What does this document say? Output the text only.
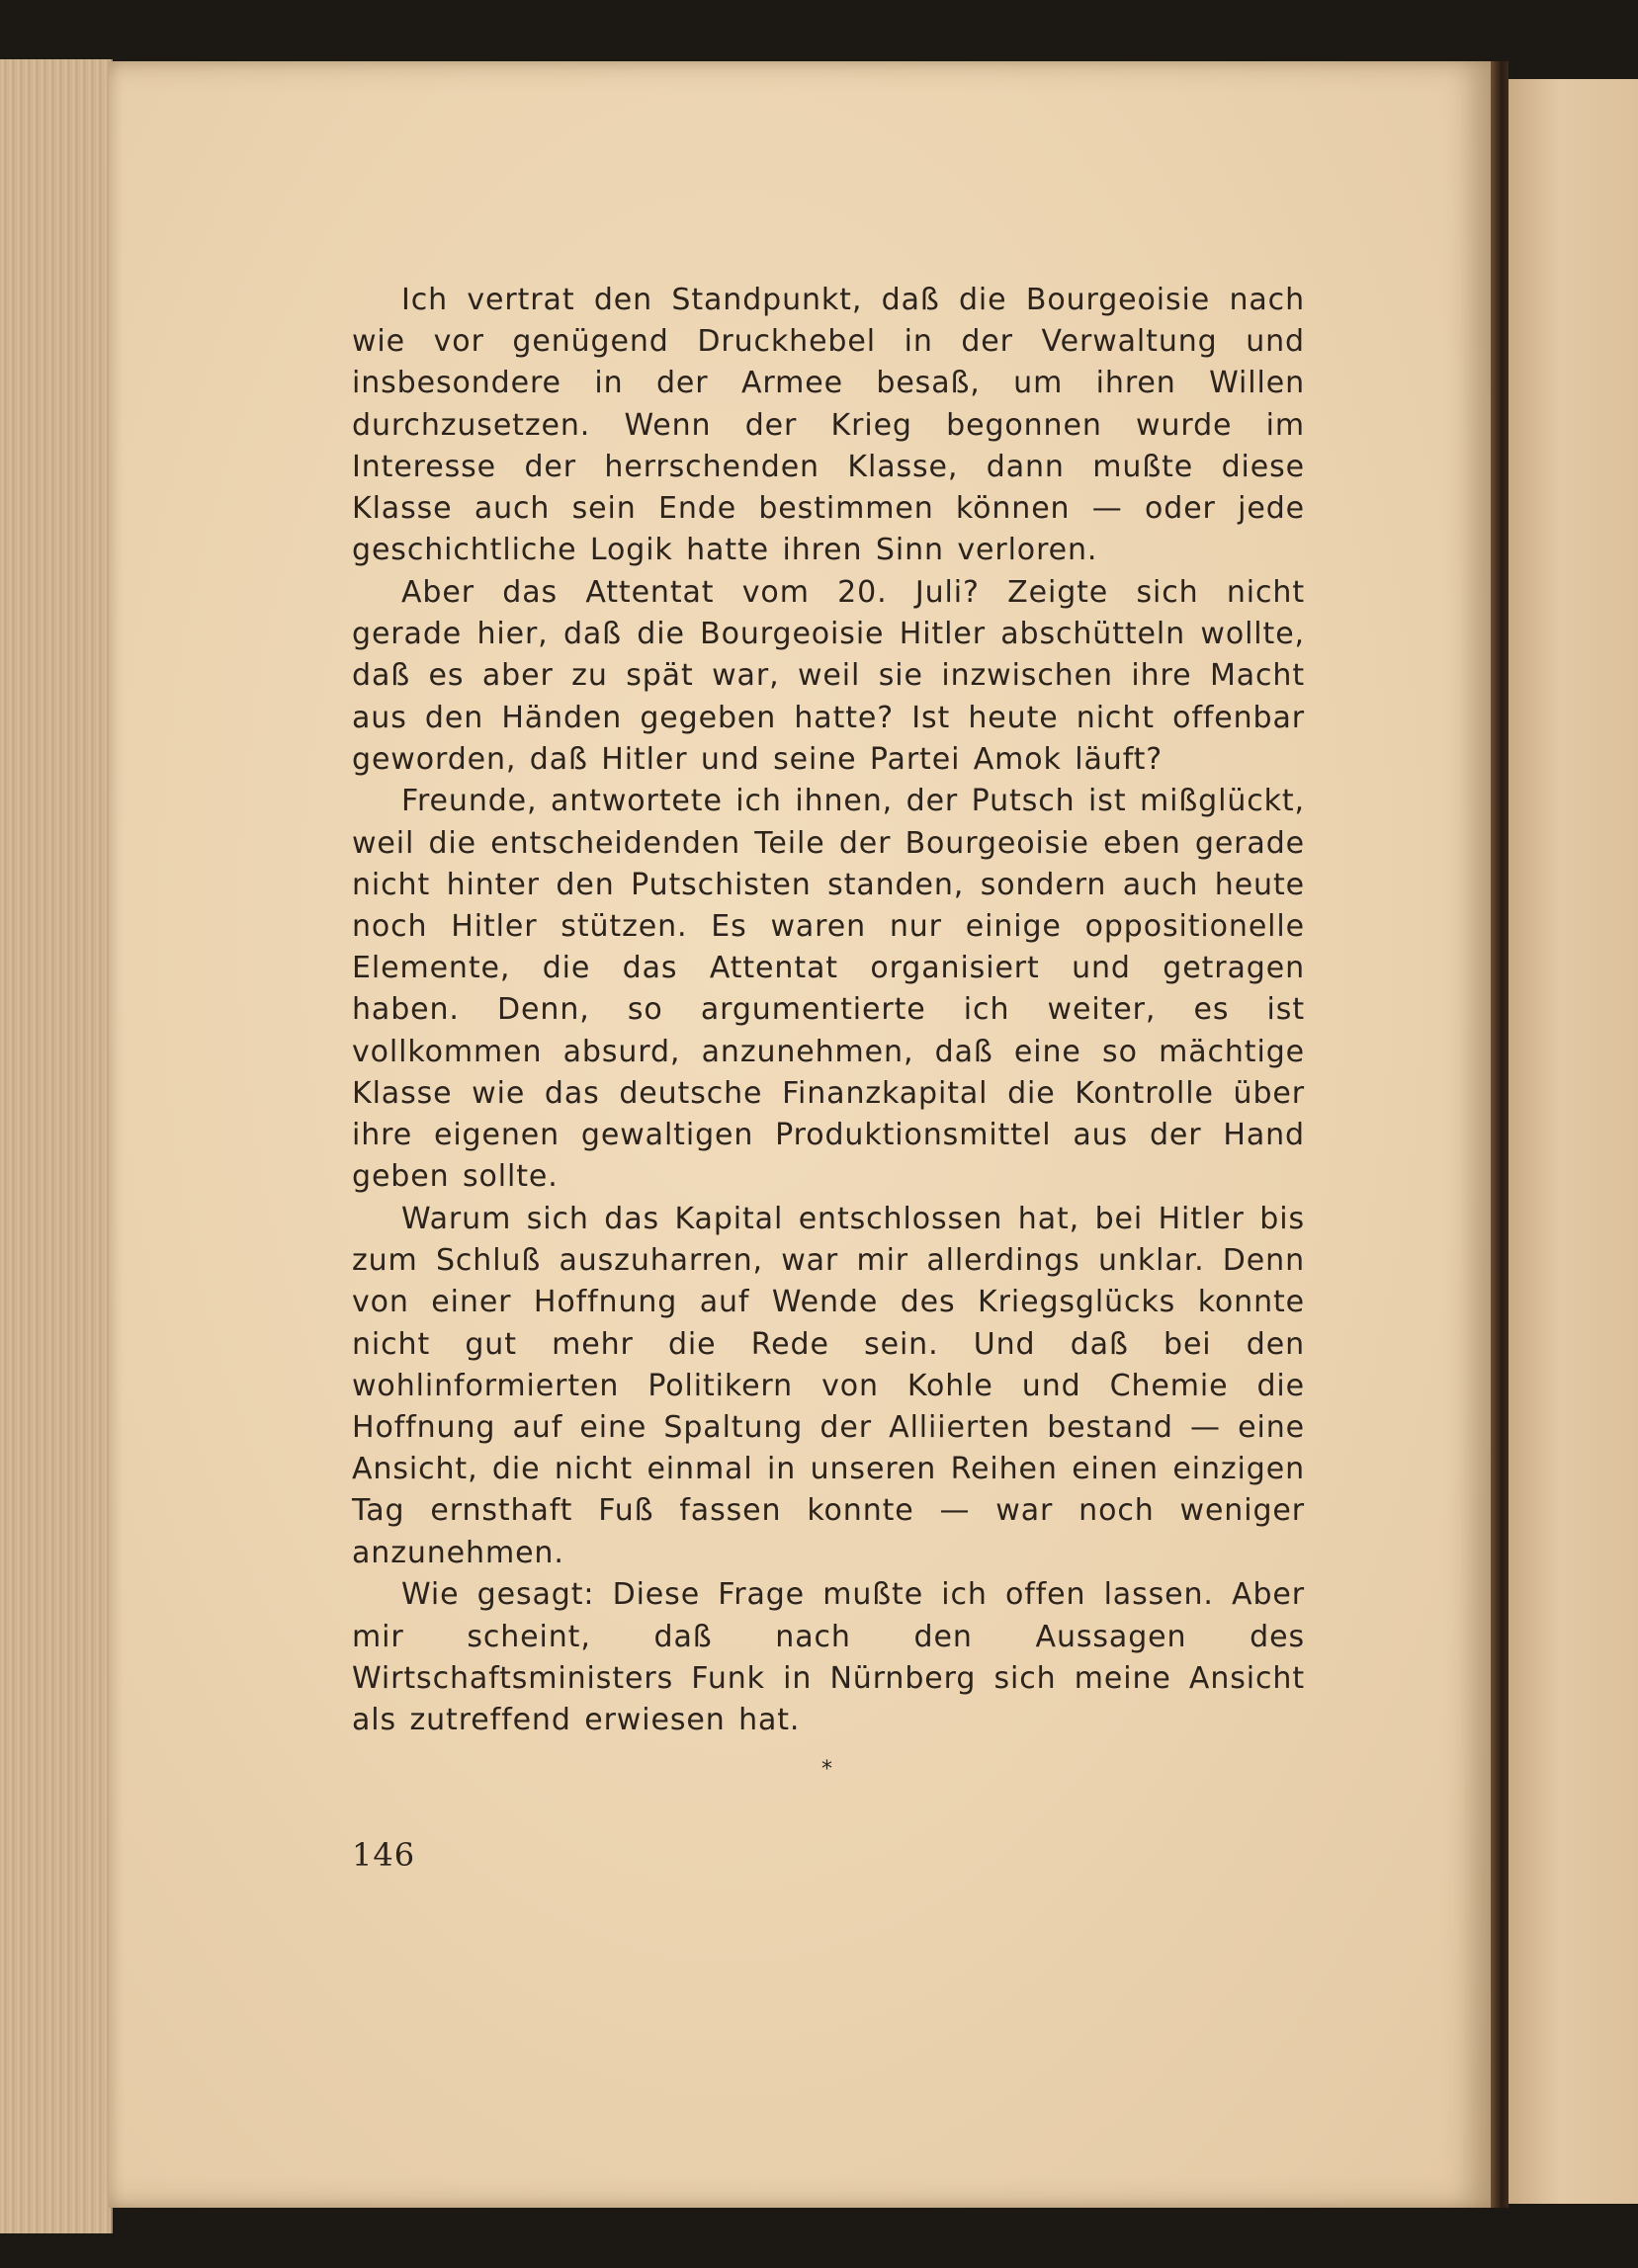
Ich vertrat den Standpunkt, daß die Bourgeoisie nach wie vor genügend Druckhebel in der Verwaltung und insbesondere in der Armee besaß, um ihren Willen durchzusetzen. Wenn der Krieg begonnen wurde im Interesse der herrschenden Klasse, dann mußte diese Klasse auch sein Ende bestimmen können — oder jede geschichtliche Logik hatte ihren Sinn verloren.

Aber das Attentat vom 20. Juli? Zeigte sich nicht gerade hier, daß die Bourgeoisie Hitler abschütteln wollte, daß es aber zu spät war, weil sie inzwischen ihre Macht aus den Händen gegeben hatte? Ist heute nicht offenbar geworden, daß Hitler und seine Partei Amok läuft?

Freunde, antwortete ich ihnen, der Putsch ist mißglückt, weil die entscheidenden Teile der Bourgeoisie eben gerade nicht hinter den Putschisten standen, sondern auch heute noch Hitler stützen. Es waren nur einige oppositionelle Elemente, die das Attentat organisiert und getragen haben. Denn, so argumentierte ich weiter, es ist vollkommen absurd, anzunehmen, daß eine so mächtige Klasse wie das deutsche Finanzkapital die Kontrolle über ihre eigenen gewaltigen Produktionsmittel aus der Hand geben sollte.

Warum sich das Kapital entschlossen hat, bei Hitler bis zum Schluß auszuharren, war mir allerdings unklar. Denn von einer Hoffnung auf Wende des Kriegsglücks konnte nicht gut mehr die Rede sein. Und daß bei den wohlinformierten Politikern von Kohle und Chemie die Hoffnung auf eine Spaltung der Alliierten bestand — eine Ansicht, die nicht einmal in unseren Reihen einen einzigen Tag ernsthaft Fuß fassen konnte — war noch weniger anzunehmen.

Wie gesagt: Diese Frage mußte ich offen lassen. Aber mir scheint, daß nach den Aussagen des Wirtschaftsministers Funk in Nürnberg sich meine Ansicht als zutreffend erwiesen hat.

*
146
